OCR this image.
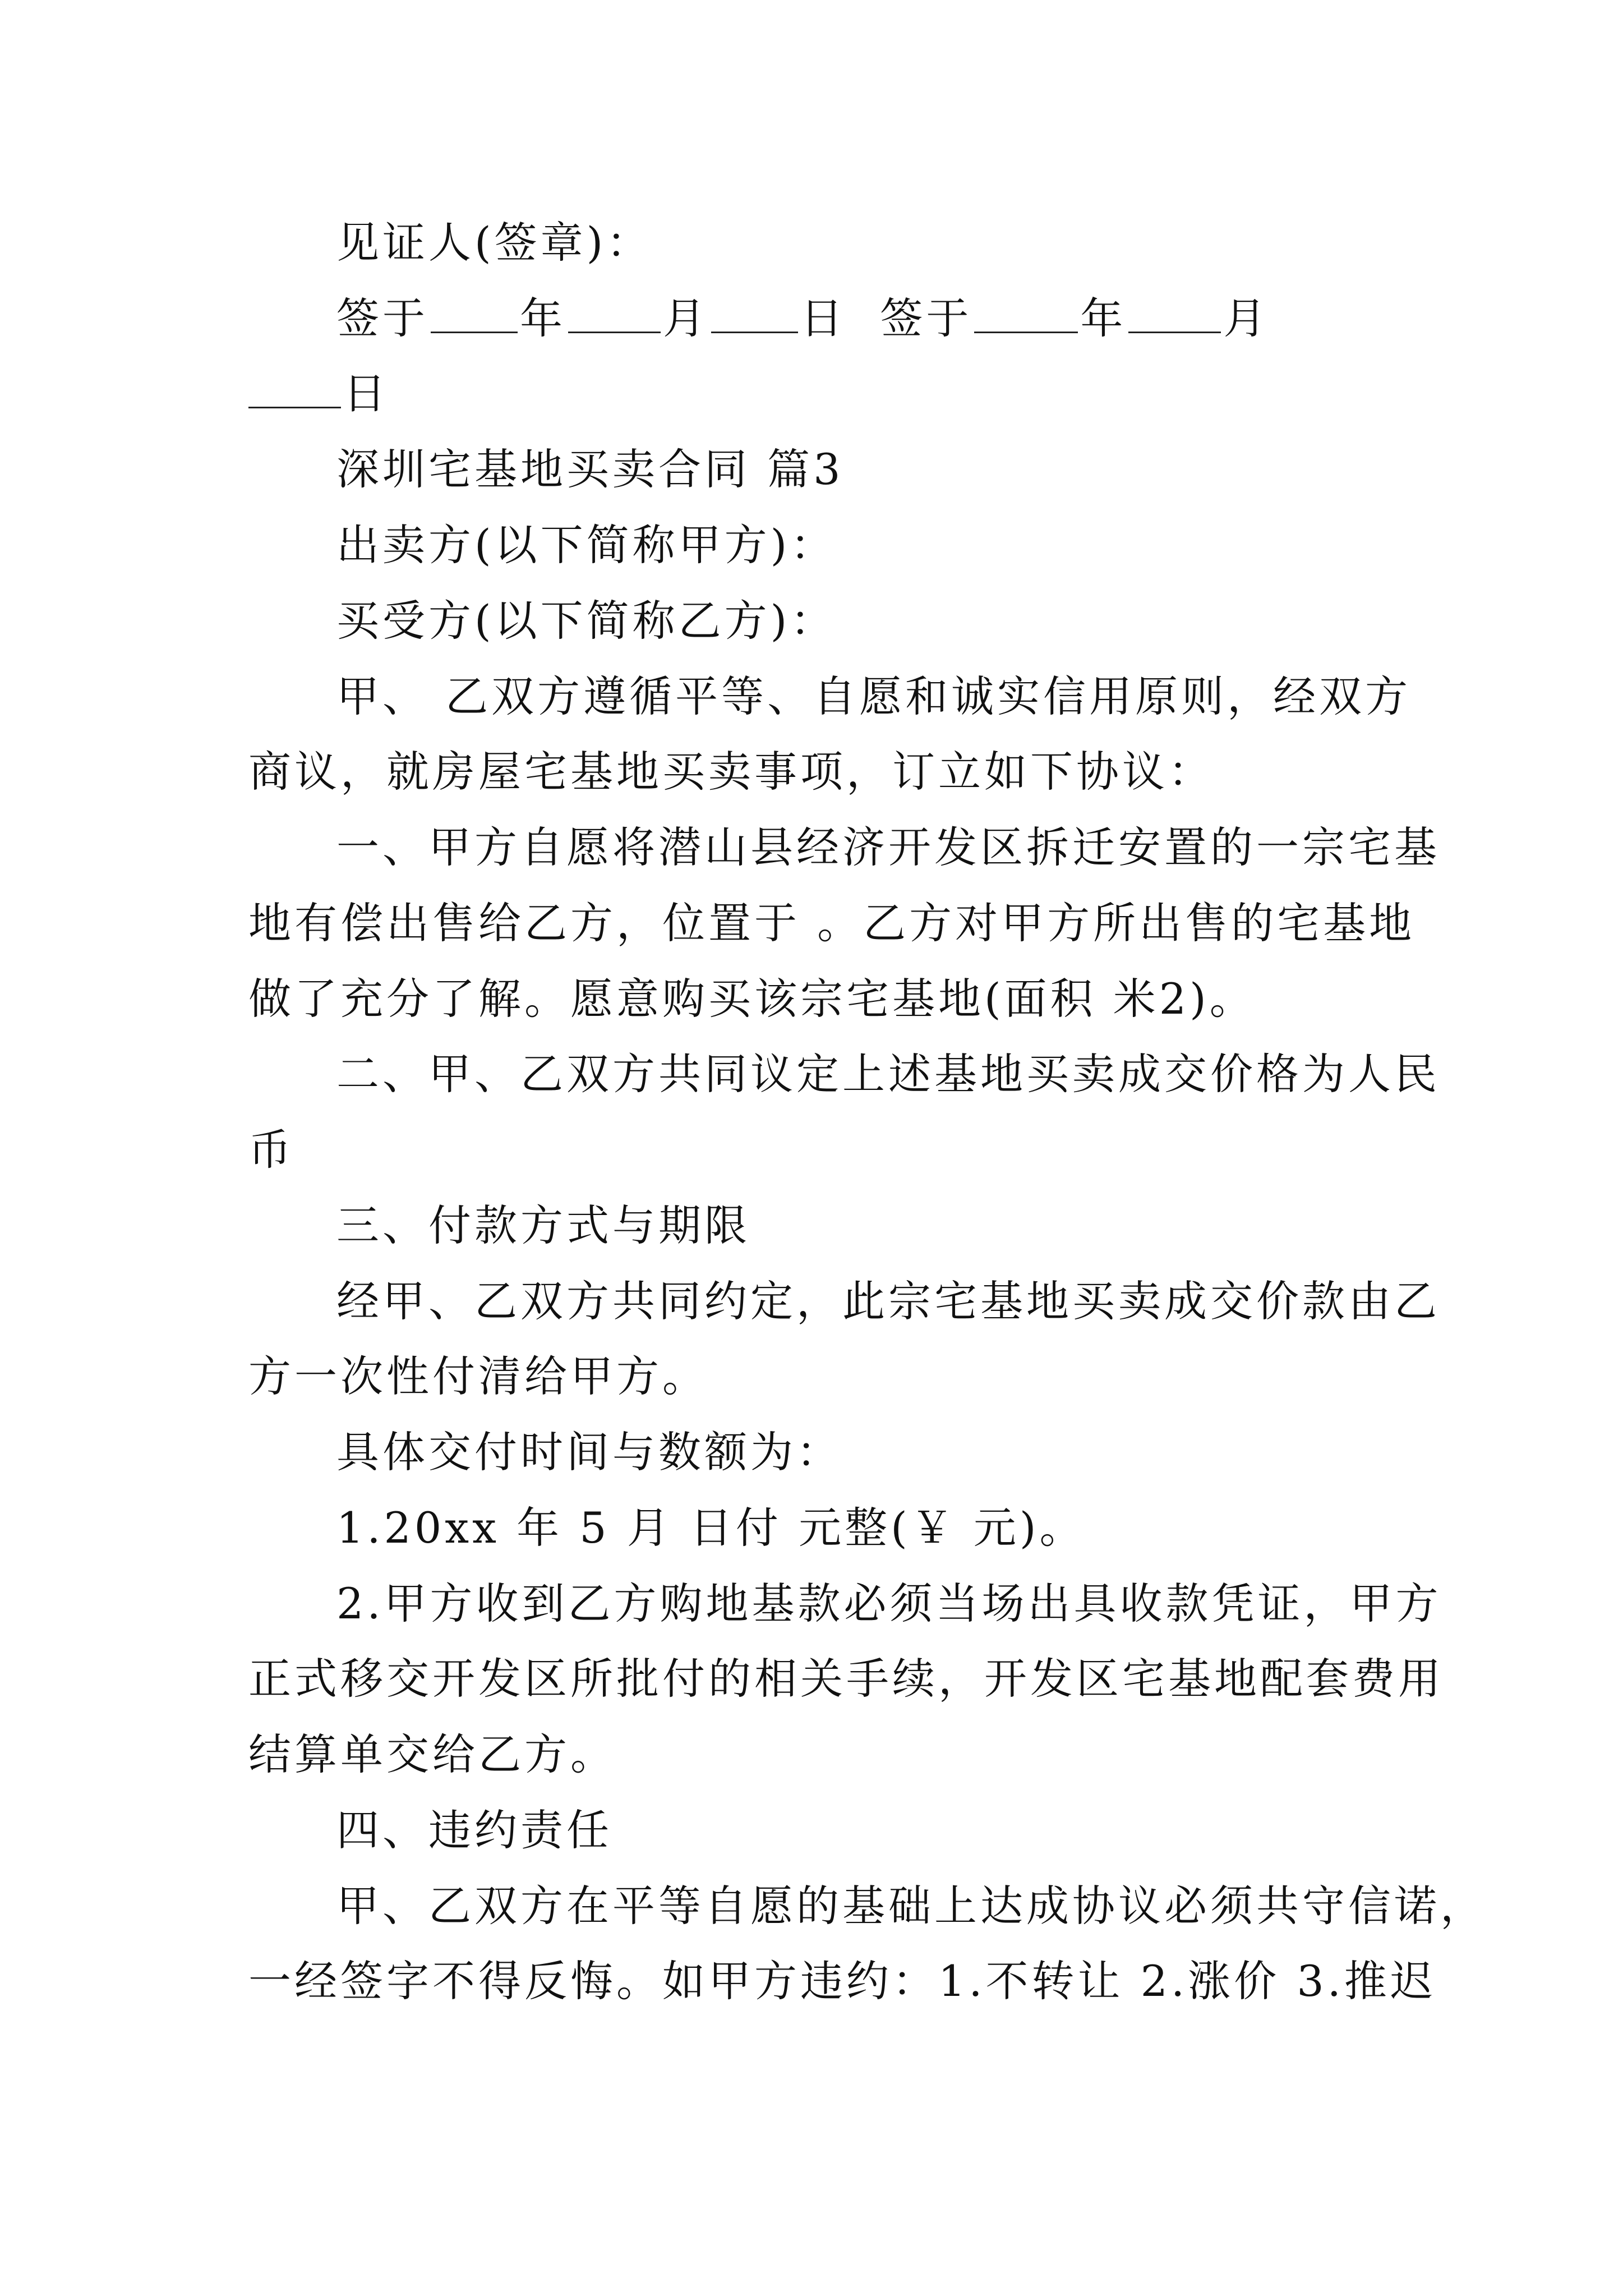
见证人(签章)：
签于 年 月 日 签于	年 月
日
深圳宅基地买卖合同 篇3
出卖方(以下简称甲方)：
买受方(以下简称乙方)：
甲、 乙双方遵循平等、自愿和诚实信用原则，经双方
商议，就房屋宅基地买卖事项，订立如下协议：
一、甲方自愿将潜山县经济开发区拆迁安置的一宗宅基
地有偿出售给乙方，位置于 。乙方对甲方所出售的宅基地
做了充分了解。愿意购买该宗宅基地(面积 米2)。
二、甲、乙双方共同议定上述基地买卖成交价格为人民
币
三、付款方式与期限
经甲、乙双方共同约定，此宗宅基地买卖成交价款由乙
方一次性付清给甲方。
具体交付时间与数额为：
1.20xx 年 5 月 日付 元整(￥ 元)。
2.甲方收到乙方购地基款必须当场出具收款凭证，甲方
正式移交开发区所批付的相关手续，开发区宅基地配套费用
结算单交给乙方。
四、违约责任
甲、乙双方在平等自愿的基础上达成协议必须共守信诺，
一经签字不得反悔。如甲方违约：1.不转让 2.涨价 3.推迟
